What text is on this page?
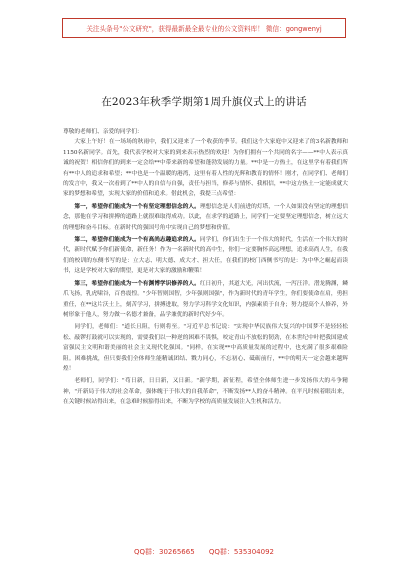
关注头条号"公文研究"，获得最新最全最专业的公文资料库！ 微信：gongwenyj
在2023年秋季学期第1周升旗仪式上的讲话

尊敬的老师们、亲爱的同学们：

大家上午好！在一场场的秋雨中，我们又迎来了一个收获的季节。我们这个大家庭中又迎来了的3名新教师和1150名新同学。首先，我代表学校对大家的到来表示热烈的欢迎！为你们拥有一个共同的名字——**中人表示真诚的祝贺！相信你们的到来一定会给**中带来新的希望和蓬勃发展的力量。**中是一方热土，在这里学有着我们所有**中人的追求和希望；**中也是一个温暖的港湾，这里有着人性的光辉和教育的情怀！刚才，在同学们、老师们的发言中，我又一次看到了**中人的自信与自强，责任与担当，修养与情怀、我相信，**中这方热土一定能成就大家的梦想和希望，实现大家的价值和追求。借此机会，我提三点希望：

第一，希望你们能成为一个有坚定理想信念的人。理想信念是人们前进的灯塔，一个人如果没有坚定的理想信念，那他在学习和拼搏的道路上就很难取得成功。以此，在求学的道路上，同学们一定要坚定理想信念，树立远大的理想和奋斗目标。在新时代的强国号角中实现自己的梦想和价值。

第二，希望你们能成为一个有高尚志趣追求的人。同学们，你们出生于一个伟大的时代，生活在一个伟大的时代，新时代赋予你们新使命，新任务！作为一名新时代的高中生，你们一定要胸怀高远理想，追求高尚人生，在我们的校训的东侧书写的是：立大志、明大德、成大才、担大任，在我们的校门西侧书写的是：为中华之崛起而读书，这是学校对大家的期望，更是对大家的激励和鞭策！

第三，希望你们能成为一个有渊博学识修养的人。红日初升，其道大光，河出伏流，一泻汪洋。潜龙腾渊，鳞爪飞扬，乳虎啸谷，百兽震惶。"少年智则国智，少年强则国强"，作为新时代的青年学生，你们要使命在肩，勇担重任，在**这片沃土上，刻苦学习，拼搏进取，努力学习科学文化知识，内强素质于自身；努力提高个人修养，外树形象于他人，努力做一名德才兼备，品学兼优的新时代好少年。

同学们，老师们："道长且阻，行则将至。"习近平总书记说："实现中华民族伟大复兴的中国梦不是轻轻松松、敲锣打鼓就可以实现的，需要我们以一种逆的困难不畏惧，咬定青山不放松的韧劲，在本世纪中叶把我国建成富强民主文明和谐美丽的社会主义现代化强国。"同样，在实现**中高质量发展的过程中，也充满了很多艰难险阻。困难挑战，但只要我们全体师生能精诚团结、戮力同心，不忘初心、砥砺前行，**中的明天一定会越来越辉煌！

老师们，同学们："苟日新，日日新，又日新。"新学期，新征程，希望全体师生进一步发扬伟大的斗争精神，"开新局于伟大的社会革命，强体魄于于伟大的自我革命"，不断发扬**人的奋斗精神。在平凡时候着眼出来，在关键时候站得出来，在急难时候豁得出来，不断为学校的高质量发展注入生机和活力。

QQ群：30265665 QQ群：535304092
